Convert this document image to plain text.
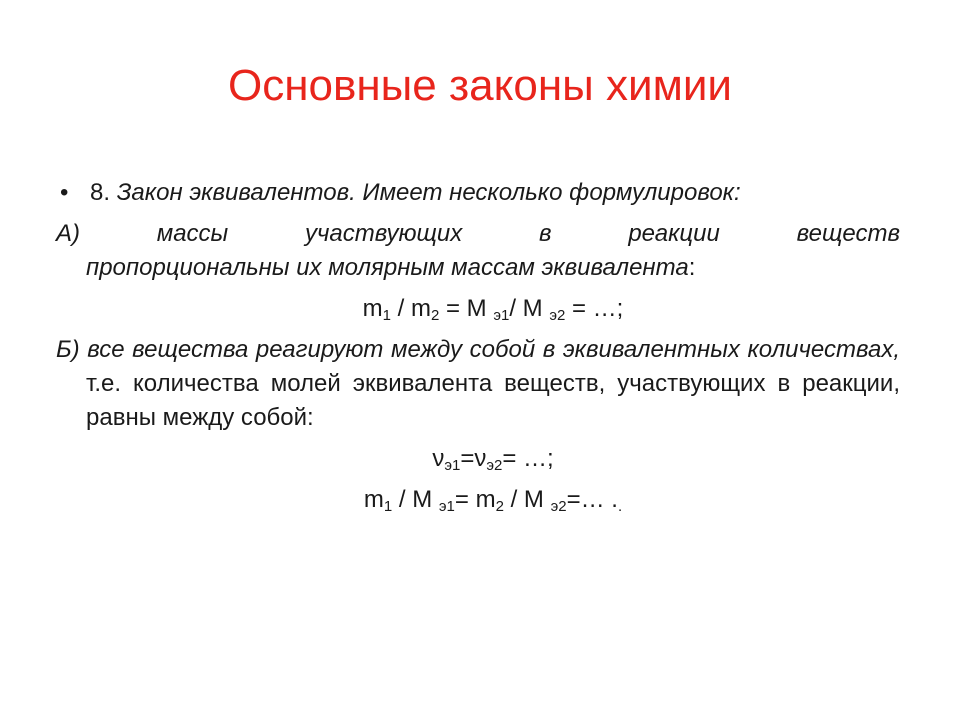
Основные законы химии
• 8. Закон эквивалентов. Имеет несколько формулировок:
А)	массы	участвующих	в	реакции	веществ
пропорциональны их молярным массам эквивалента:
$m_1 / m_2 = M$ $_{э1}$/ M $_{э2}$ = …;
Б) все вещества реагируют между собой в эквивалентных количествах, т.е. количества молей эквивалента веществ, участвующих в реакции, равны между собой:
$\nu_{э1}=\nu_{э2}=$ …;
$m_1$ / M $_{э1}= m_2 / M$ $_{э2}$=… $._.$
